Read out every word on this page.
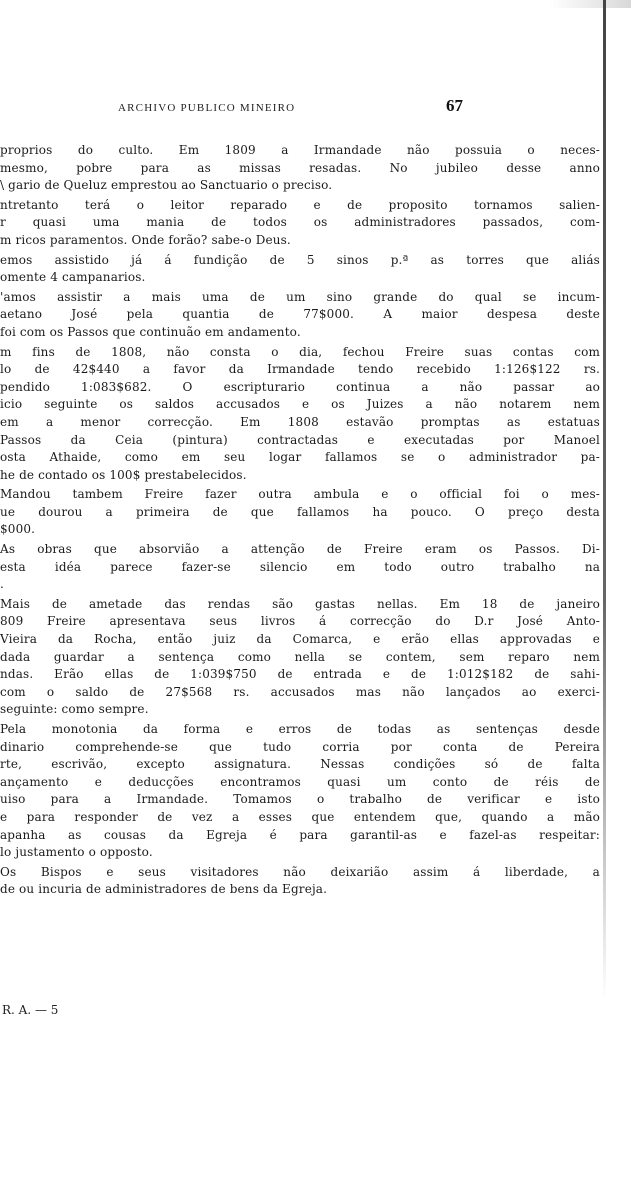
ARCHIVO PUBLICO MINEIRO	67
proprios do culto. Em 1809 a Irmandade não possuia o neces-
mesmo, pobre para as missas resadas. No jubileo desse anno
\ gario de Queluz emprestou ao Sanctuario o preciso.
ntretanto terá o leitor reparado e de proposito tornamos salien-
r quasi uma mania de todos os administradores passados, com-
m ricos paramentos. Onde forão? sabe-o Deus.
emos assistido já á fundição de 5 sinos p.ª as torres que aliás
omente 4 campanarios.
'amos assistir a mais uma de um sino grande do qual se incum-
aetano José pela quantia de 77$000. A maior despesa deste
foi com os Passos que continuão em andamento.
m fins de 1808, não consta o dia, fechou Freire suas contas com
lo de 42$440 a favor da Irmandade tendo recebido 1:126$122 rs.
pendido 1:083$682. O escripturario continua a não passar ao
icio seguinte os saldos accusados e os Juizes a não notarem nem
em a menor correcção. Em 1808 estavão promptas as estatuas
Passos da Ceia (pintura) contractadas e executadas por Manoel
osta Athaide, como em seu logar fallamos se o administrador pa-
he de contado os 100$ prestabelecidos.
Mandou tambem Freire fazer outra ambula e o official foi o mes-
ue dourou a primeira de que fallamos ha pouco. O preço desta
$000.
As obras que absorvião a attenção de Freire eram os Passos. Di-
esta idéa parece fazer-se silencio em todo outro trabalho na
.
Mais de ametade das rendas são gastas nellas. Em 18 de janeiro
809 Freire apresentava seus livros á correcção do D.r José Anto-
Vieira da Rocha, então juiz da Comarca, e erão ellas approvadas e
dada guardar a sentença como nella se contem, sem reparo nem
ndas. Erão ellas de 1:039$750 de entrada e de 1:012$182 de sahi-
com o saldo de 27$568 rs. accusados mas não lançados ao exerci-
seguinte: como sempre.
Pela monotonia da forma e erros de todas as sentenças desde
dinario comprehende-se que tudo corria por conta de Pereira
rte, escrivão, excepto assignatura. Nessas condições só de falta
ançamento e deducções encontramos quasi um conto de réis de
uiso para a Irmandade. Tomamos o trabalho de verificar e isto
e para responder de vez a esses que entendem que, quando a mão
apanha as cousas da Egreja é para garantil-as e fazel-as respeitar:
lo justamento o opposto.
Os Bispos e seus visitadores não deixarião assim á liberdade, a
de ou incuria de administradores de bens da Egreja.
R. A. — 5
